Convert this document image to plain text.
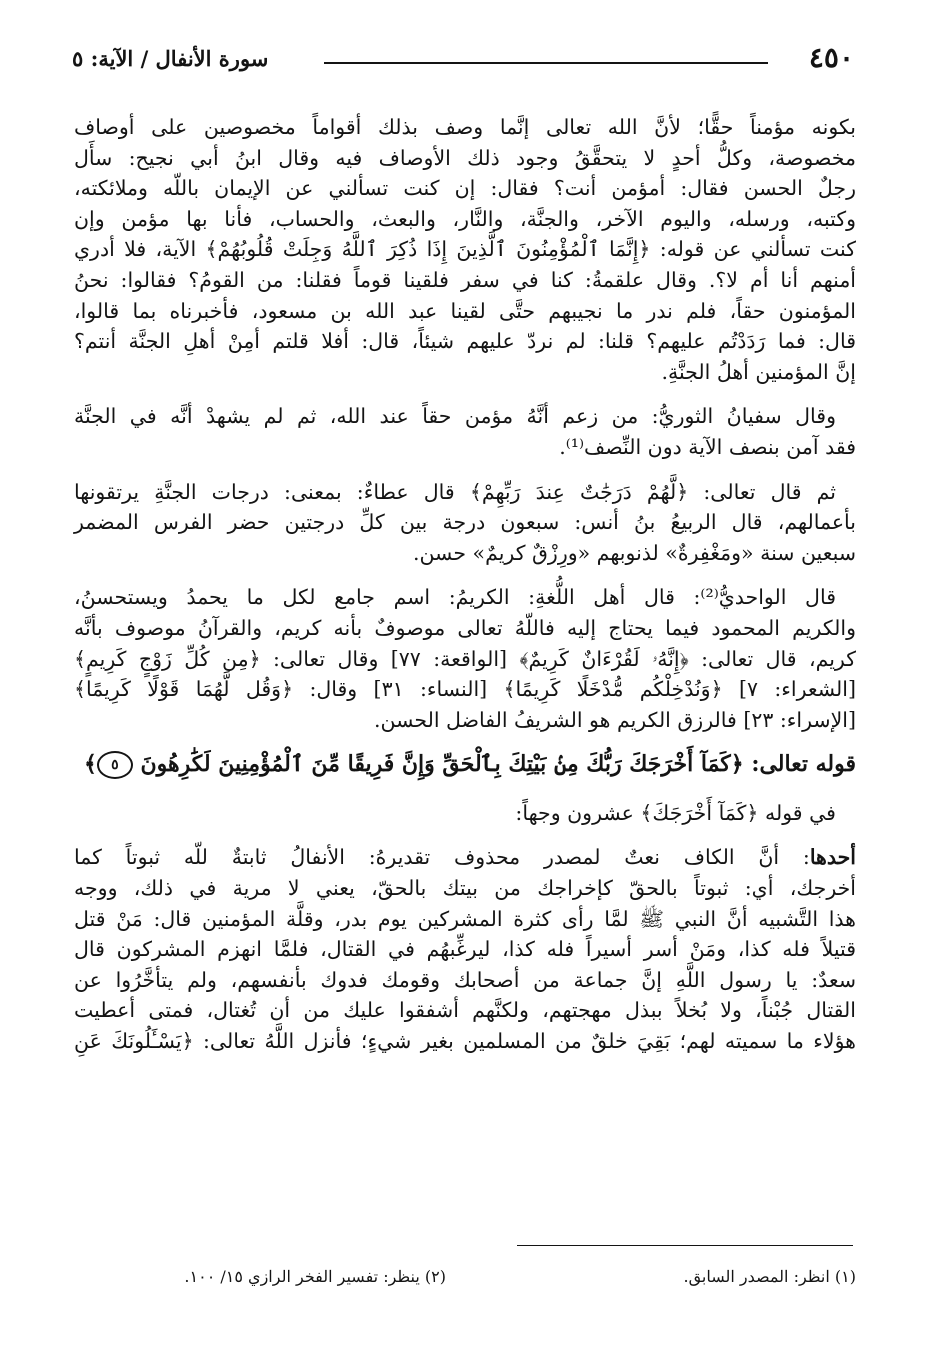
٤٥٠
سورة الأنفال / الآية: ٥
بكونه مؤمناً حقًّا؛ لأنَّ الله تعالى إنَّما وصف بذلك أقواماً مخصوصين على أوصاف
مخصوصة، وكلُّ أحدٍ لا يتحقَّقُ وجود ذلك الأوصاف فيه وقال ابنُ أبي نجيح: سأَل
رجلٌ الحسن فقال: أمؤمن أنت؟ فقال: إن كنت تسألني عن الإيمان باللّه وملائكته،
وكتبه، ورسله، واليوم الآخر، والجنَّة، والنَّار، والبعث، والحساب، فأنا بها مؤمن وإن
كنت تسألني عن قوله: ﴿إِنَّمَا ٱلْمُؤْمِنُونَ ٱلَّذِينَ إِذَا ذُكِرَ ٱللَّهُ وَجِلَتْ قُلُوبُهُمْ﴾ الآية، فلا أدري
أمنهم أنا أم لا؟. وقال علقمةُ: كنا في سفر فلقينا قوماً فقلنا: من القومُ؟ فقالوا: نحنُ
المؤمنون حقاً، فلم ندر ما نجيبهم حتَّى لقينا عبد الله بن مسعود، فأخبرناه بما قالوا،
قال: فما رَدَدْتُم عليهم؟ قلنا: لم نردّ عليهم شيئاً، قال: أفلا قلتم أمِنْ أهلِ الجنَّة أنتم؟
إنَّ المؤمنين أهلُ الجنَّةِ.
وقال سفيانُ الثوريُّ: من زعم أنَّهُ مؤمن حقاً عند الله، ثم لم يشهدْ أنَّه في الجنَّة
فقد آمن بنصف الآية دون النِّصف⁽¹⁾.
ثم قال تعالى: ﴿لَّهُمْ دَرَجَٰتٌ عِندَ رَبِّهِمْ﴾ قال عطاءٌ: بمعنى: درجات الجنَّةِ يرتقونها
بأعمالهم، قال الربيعُ بنُ أنس: سبعون درجة بين كلِّ درجتين حضر الفرس المضمر
سبعين سنة «ومَغْفِرةٌ» لذنوبهم «ورِزْقٌ كريمٌ» حسن.
قال الواحديُّ⁽²⁾: قال أهل اللُّغةِ: الكريمُ: اسم جامع لكل ما يحمدُ ويستحسنُ،
والكريم المحمود فيما يحتاج إليه فاللّهُ تعالى موصوفٌ بأنه كريم، والقرآنُ موصوف بأنَّه
كريم، قال تعالى: ﴿إِنَّهُۥ لَقُرْءَانٌ كَرِيمٌ﴾ [الواقعة: ٧٧] وقال تعالى: ﴿مِن كُلِّ زَوْجٍ كَرِيمٍ﴾
[الشعراء: ٧] ﴿وَنُدْخِلْكُم مُّدْخَلًا كَرِيمًا﴾ [النساء: ٣١] وقال: ﴿وَقُل لَّهُمَا قَوْلًا كَرِيمًا﴾
[الإسراء: ٢٣] فالرزق الكريم هو الشريفُ الفاضل الحسن.
قوله تعالى: ﴿كَمَآ أَخْرَجَكَ رَبُّكَ مِنۢ بَيْتِكَ بِٱلْحَقِّ وَإِنَّ فَرِيقًا مِّنَ ٱلْمُؤْمِنِينَ لَكَٰرِهُونَ ٥﴾
في قوله ﴿كَمَآ أَخْرَجَكَ﴾ عشرون وجهاً:
أحدها: أنَّ الكاف نعتٌ لمصدر محذوف تقديرهُ: الأنفالُ ثابتةٌ للّه ثبوتاً كما
أخرجك، أي: ثبوتاً بالحقّ كإخراجك من بيتك بالحقّ، يعني لا مرية في ذلك، ووجه
هذا التَّشبيه أنَّ النبي ﷺ لمَّا رأى كثرة المشركين يوم بدر، وقلَّة المؤمنين قال: مَنْ قتل
قتيلاً فله كذا، ومَنْ أسر أسيراً فله كذا، ليرغِّبهُم في القتال، فلمَّا انهزم المشركون قال
سعدٌ: يا رسول اللَّهِ إنَّ جماعة من أصحابك وقومك فدوك بأنفسهم، ولم يتأخَّرُوا عن
القتال جُبْناً، ولا بُخلاً ببذل مهجتهم، ولكنَّهم أشفقوا عليك من أن تُغتال، فمتى أعطيت
هؤلاء ما سميته لهم؛ بَقِيَ خلقٌ من المسلمين بغير شيءٍ؛ فأنزل اللَّهُ تعالى: ﴿يَسْـَٔلُونَكَ عَنِ
(١) انظر: المصدر السابق.
(٢) ينظر: تفسير الفخر الرازي ١٥/ ١٠٠.
